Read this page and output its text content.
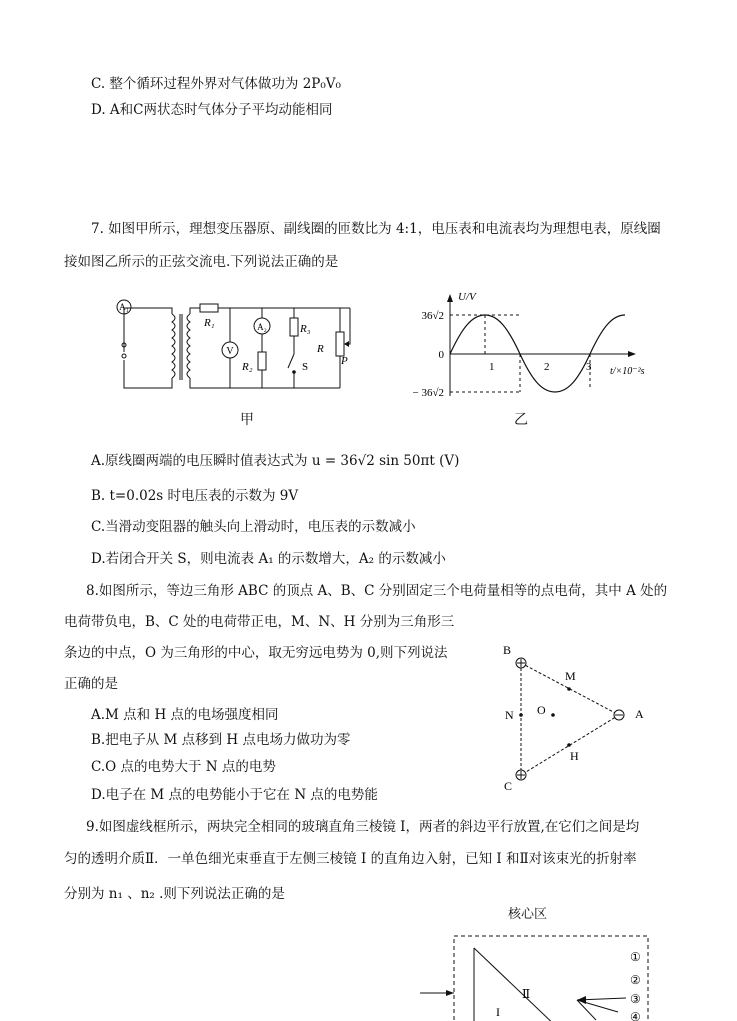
C. 整个循环过程外界对气体做功为 2P₀V₀
D. A和C两状态时气体分子平均动能相同
7. 如图甲所示，理想变压器原、副线圈的匝数比为 4:1，电压表和电流表均为理想电表，原线圈
接如图乙所示的正弦交流电.下列说法正确的是
A₁
V
A₂
R₁
R₂
R₃
R
P
S
甲
U/V
t/×10⁻²s
36√2
0
− 36√2
1	2	3
乙
A.原线圈两端的电压瞬时值表达式为 u = 36√2 sin 50πt (V)
B. t=0.02s 时电压表的示数为 9V
C.当滑动变阻器的触头向上滑动时，电压表的示数减小
D.若闭合开关 S，则电流表 A₁ 的示数增大，A₂ 的示数减小
8.如图所示，等边三角形 ABC 的顶点 A、B、C 分别固定三个电荷量相等的点电荷，其中 A 处的
电荷带负电，B、C 处的电荷带正电，M、N、H 分别为三角形三
条边的中点，O 为三角形的中心，取无穷远电势为 0,则下列说法
正确的是
A.M 点和 H 点的电场强度相同
B.把电子从 M 点移到 H 点电场力做功为零
C.O 点的电势大于 N 点的电势
D.电子在 M 点的电势能小于它在 N 点的电势能
B
C
A
M
N
H
O
9.如图虚线框所示，两块完全相同的玻璃直角三棱镜 I，两者的斜边平行放置,在它们之间是均
匀的透明介质Ⅱ．一单色细光束垂直于左侧三棱镜 I 的直角边入射，已知 I 和Ⅱ对该束光的折射率
分别为 n₁ 、n₂ .则下列说法正确的是
核心区
I
Ⅱ
①
②
③
④
